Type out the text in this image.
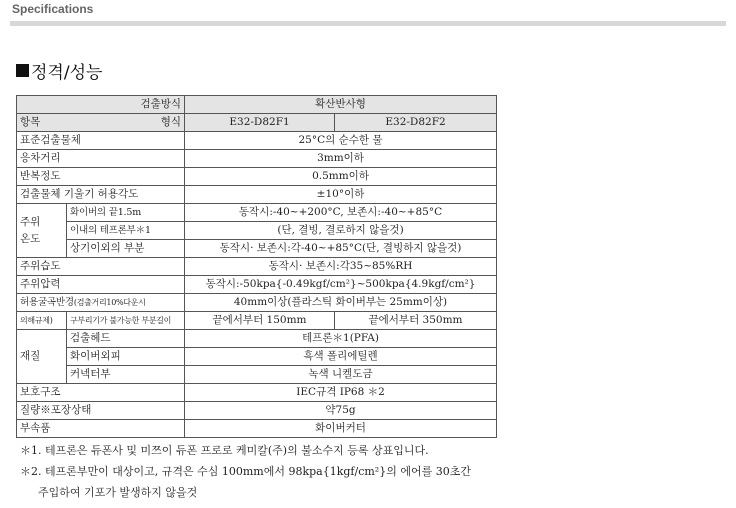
Specifications
정격/성능
검출방식		확산반사형	
항목 형식		E32-D82F1	E32-D82F2
표준검출물체		25°C의 순수한 물	
응차거리		3mm이하	
반복정도		0.5mm이하	
검출물체 기울기 허용각도		±10°이하	

주위
온도	화이버의 끝1.5m	동작시:-40~+200°C, 보존시:-40~+85°C	
	이내의 테프론부＊1	(단, 결빙, 결로하지 않을것)	
	상기이외의 부분	동작시· 보존시:각-40~+85°C(단, 결빙하지 않을것)	
주위습도		동작시· 보존시:각35~85%RH	
주위압력		동작시:-50kpa{-0.49kgf/cm²}~500kpa{4.9kgf/cm²}	
허용굴곡반경(검출거리10%다운시		40mm이상(플라스틱 화이버부는 25mm이상)	
의해규제)	구부리기가 불가능한 부분길이	끝에서부터 150mm	끝에서부터 350mm
재질	검출헤드	테프론＊1(PFA)	
	화이버외피	흑색 폴리에틸렌	
	커넥터부	녹색 니켈도금	
보호구조		IEC규격 IP68 ＊2	
질량※포장상태		약75g	
부속품		화이버커터	
＊1. 테프론은 듀폰사 및 미쯔이 듀폰 프로로 케미칼(주)의 불소수지 등록 상표입니다.
＊2. 테프론부만이 대상이고, 규격은 수심 100mm에서 98kpa{1kgf/cm²}의 에어를 30초간
주입하여 기포가 발생하지 않을것
